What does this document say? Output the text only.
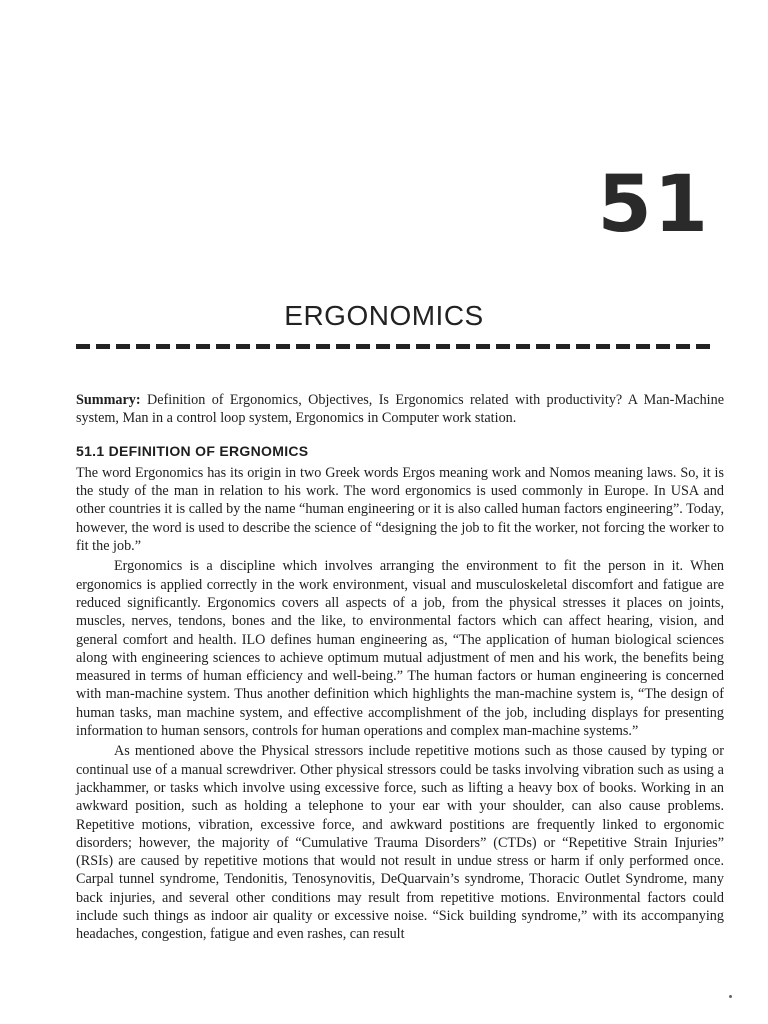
51
ERGONOMICS

Summary: Definition of Ergonomics, Objectives, Is Ergonomics related with productivity? A Man-Machine system, Man in a control loop system, Ergonomics in Computer work station.

51.1 DEFINITION OF ERGNOMICS

The word Ergonomics has its origin in two Greek words Ergos meaning work and Nomos meaning laws. So, it is the study of the man in relation to his work. The word ergonomics is used commonly in Europe. In USA and other countries it is called by the name “human engineering or it is also called human factors engineering”. Today, however, the word is used to describe the science of “designing the job to fit the worker, not forcing the worker to fit the job.”

Ergonomics is a discipline which involves arranging the environment to fit the person in it. When ergonomics is applied correctly in the work environment, visual and musculoskeletal discomfort and fatigue are reduced significantly. Ergonomics covers all aspects of a job, from the physical stresses it places on joints, muscles, nerves, tendons, bones and the like, to environmental factors which can affect hearing, vision, and general comfort and health. ILO defines human engineering as, “The application of human biological sciences along with engineering sciences to achieve optimum mutual adjustment of men and his work, the benefits being measured in terms of human efficiency and well-being.” The human factors or human engineering is concerned with man-machine system. Thus another definition which highlights the man-machine system is, “The design of human tasks, man machine system, and effective accomplishment of the job, including displays for presenting information to human sensors, controls for human operations and complex man-machine systems.”

As mentioned above the Physical stressors include repetitive motions such as those caused by typing or continual use of a manual screwdriver. Other physical stressors could be tasks involving vibration such as using a jackhammer, or tasks which involve using excessive force, such as lifting a heavy box of books. Working in an awkward position, such as holding a telephone to your ear with your shoulder, can also cause problems. Repetitive motions, vibration, excessive force, and awkward postitions are frequently linked to ergonomic disorders; however, the majority of “Cumulative Trauma Disorders” (CTDs) or “Repetitive Strain Injuries” (RSIs) are caused by repetitive motions that would not result in undue stress or harm if only performed once. Carpal tunnel syndrome, Tendonitis, Tenosynovitis, DeQuarvain’s syndrome, Thoracic Outlet Syndrome, many back injuries, and several other conditions may result from repetitive motions. Environmental factors could include such things as indoor air quality or excessive noise. “Sick building syndrome,” with its accompanying headaches, congestion, fatigue and even rashes, can result
